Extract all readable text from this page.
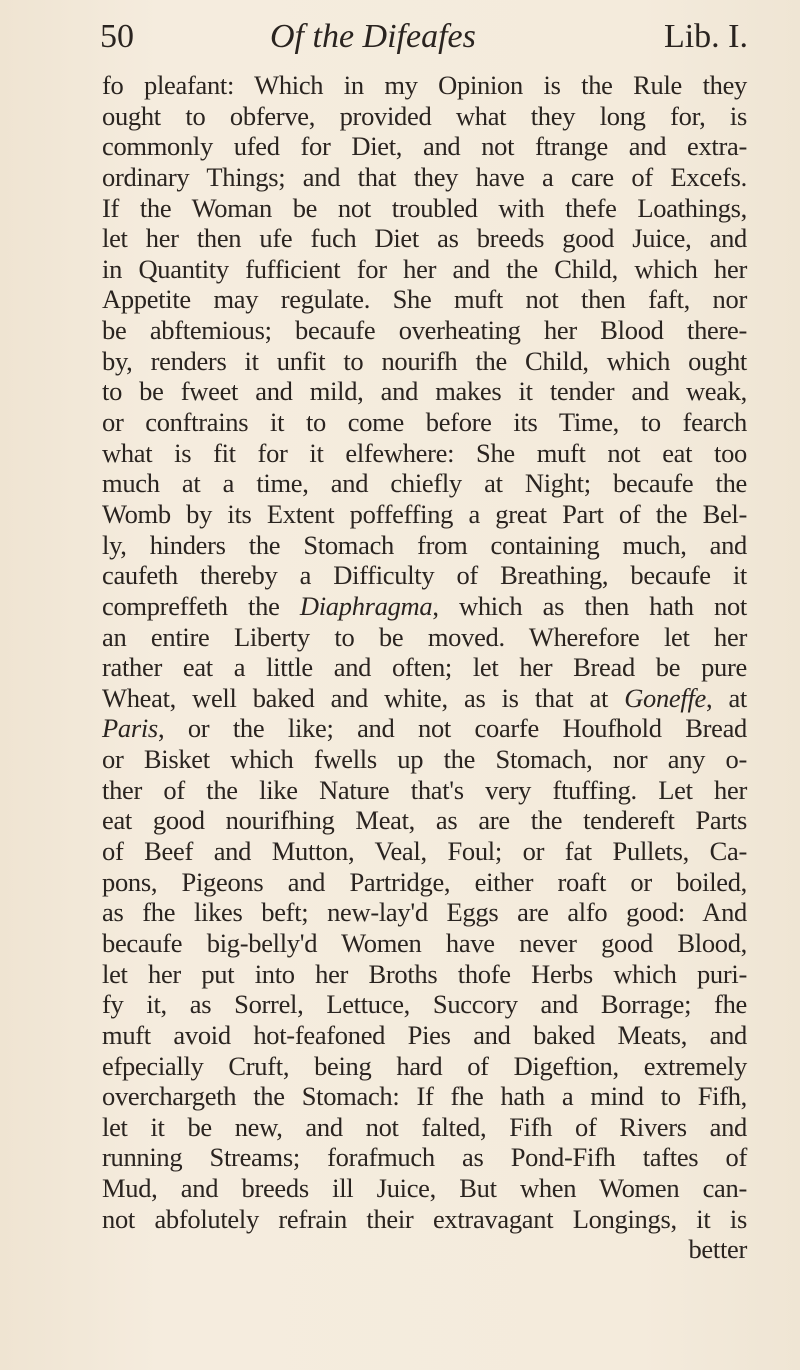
50	Of the Difeafes	Lib. I.
fo pleafant: Which in my Opinion is the Rule they
ought to obferve, provided what they long for, is
commonly ufed for Diet, and not ftrange and extra-
ordinary Things; and that they have a care of Excefs.
If the Woman be not troubled with thefe Loathings,
let her then ufe fuch Diet as breeds good Juice, and
in Quantity fufficient for her and the Child, which her
Appetite may regulate. She muft not then faft, nor
be abftemious; becaufe overheating her Blood there-
by, renders it unfit to nourifh the Child, which ought
to be fweet and mild, and makes it tender and weak,
or conftrains it to come before its Time, to fearch
what is fit for it elfewhere: She muft not eat too
much at a time, and chiefly at Night; becaufe the
Womb by its Extent poffeffing a great Part of the Bel-
ly, hinders the Stomach from containing much, and
caufeth thereby a Difficulty of Breathing, becaufe it
compreffeth the Diaphragma, which as then hath not
an entire Liberty to be moved. Wherefore let her
rather eat a little and often; let her Bread be pure
Wheat, well baked and white, as is that at Goneffe, at
Paris, or the like; and not coarfe Houfhold Bread
or Bisket which fwells up the Stomach, nor any o-
ther of the like Nature that's very ftuffing. Let her
eat good nourifhing Meat, as are the tendereft Parts
of Beef and Mutton, Veal, Foul; or fat Pullets, Ca-
pons, Pigeons and Partridge, either roaft or boiled,
as fhe likes beft; new-lay'd Eggs are alfo good: And
becaufe big-belly'd Women have never good Blood,
let her put into her Broths thofe Herbs which puri-
fy it, as Sorrel, Lettuce, Succory and Borrage; fhe
muft avoid hot-feafoned Pies and baked Meats, and
efpecially Cruft, being hard of Digeftion, extremely
overchargeth the Stomach: If fhe hath a mind to Fifh,
let it be new, and not falted, Fifh of Rivers and
running Streams; forafmuch as Pond-Fifh taftes of
Mud, and breeds ill Juice, But when Women can-
not abfolutely refrain their extravagant Longings, it is
better
